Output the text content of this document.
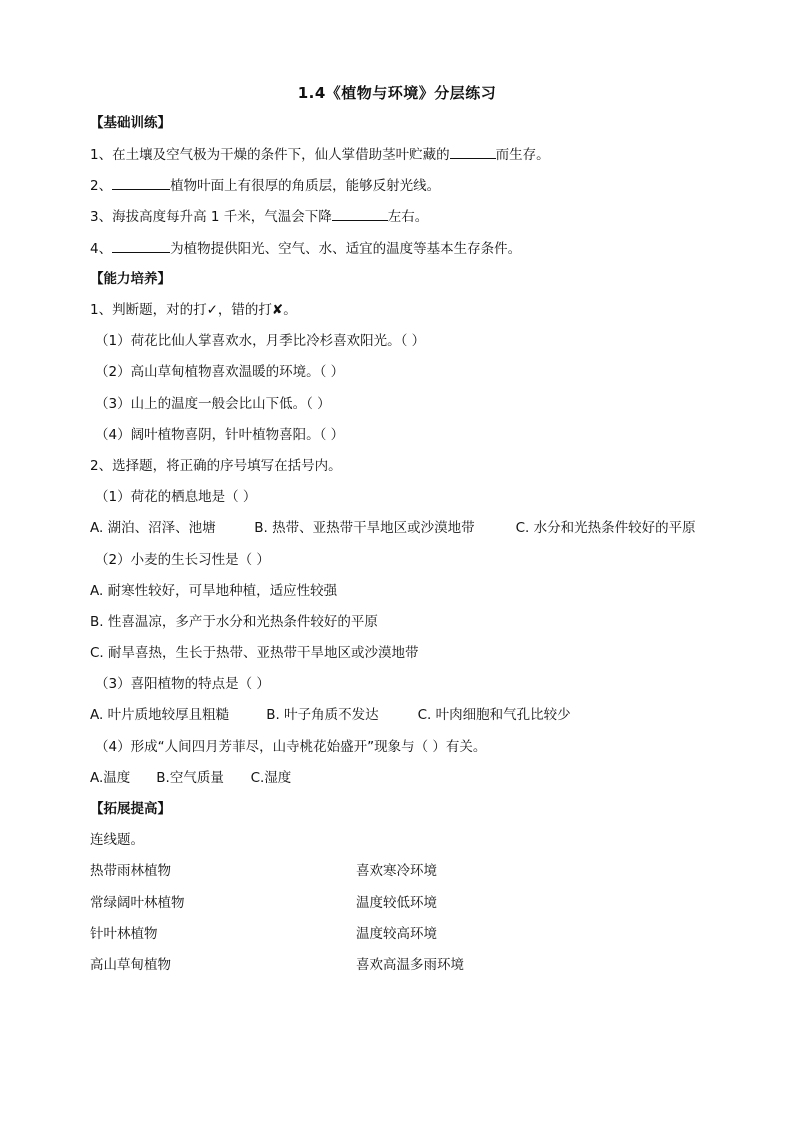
1.4《植物与环境》分层练习
【基础训练】
1、在土壤及空气极为干燥的条件下，仙人掌借助茎叶贮藏的	而生存。
2、	植物叶面上有很厚的角质层，能够反射光线。
3、海拔高度每升高 1 千米，气温会下降	左右。
4、	为植物提供阳光、空气、水、适宜的温度等基本生存条件。
【能力培养】
1、判断题，对的打✓，错的打✘。
（1）荷花比仙人掌喜欢水，月季比冷杉喜欢阳光。（ ）
（2）高山草甸植物喜欢温暖的环境。（ ）
（3）山上的温度一般会比山下低。（ ）
（4）阔叶植物喜阴，针叶植物喜阳。（ ）
2、选择题，将正确的序号填写在括号内。
（1）荷花的栖息地是（ ）
A. 湖泊、沼泽、池塘	B. 热带、亚热带干旱地区或沙漠地带	C. 水分和光热条件较好的平原
（2）小麦的生长习性是（ ）
A. 耐寒性较好，可旱地种植，适应性较强
B. 性喜温凉，多产于水分和光热条件较好的平原
C. 耐旱喜热，生长于热带、亚热带干旱地区或沙漠地带
（3）喜阳植物的特点是（ ）
A. 叶片质地较厚且粗糙	B. 叶子角质不发达	C. 叶肉细胞和气孔比较少
（4）形成“人间四月芳菲尽，山寺桃花始盛开”现象与（ ）有关。
A.温度 B.空气质量 C.湿度
【拓展提高】
连线题。
热带雨林植物	喜欢寒冷环境
常绿阔叶林植物	温度较低环境
针叶林植物	温度较高环境
高山草甸植物	喜欢高温多雨环境
